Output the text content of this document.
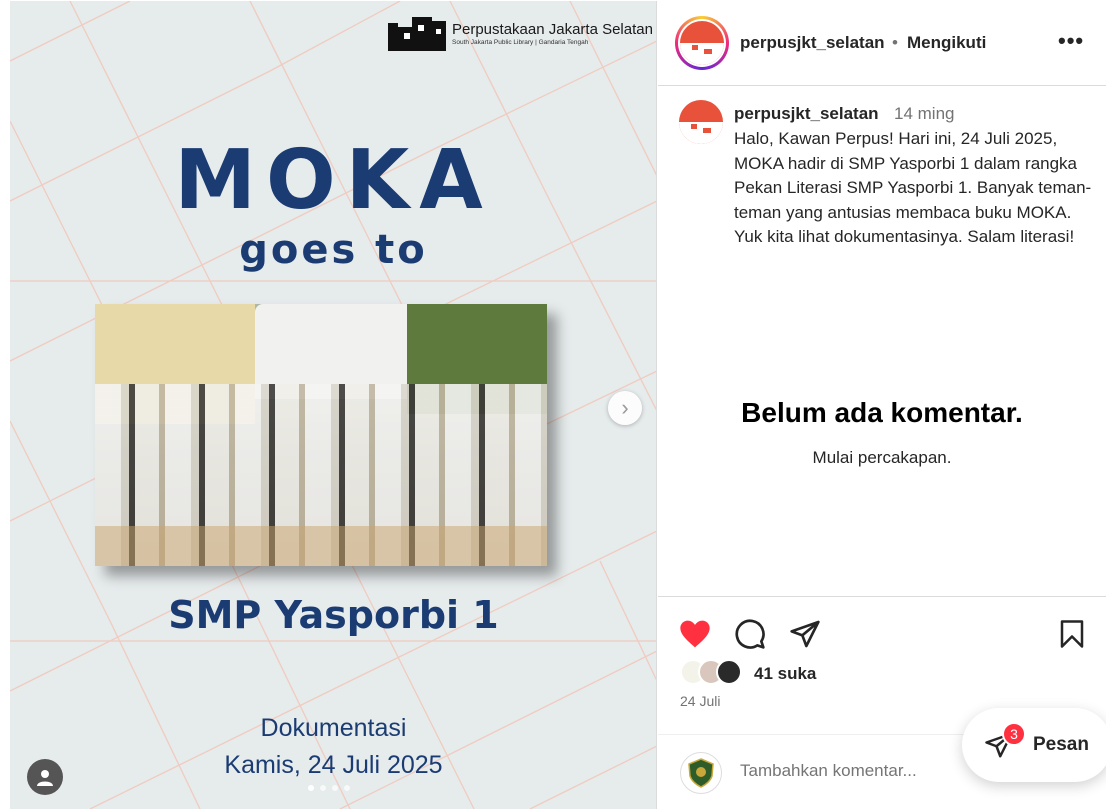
Perpustakaan Jakarta Selatan
South Jakarta Public Library | Gandaria Tengah
MOKA
goes to
›
SMP Yasporbi 1
Dokumentasi
Kamis, 24 Juli 2025
perpusjkt_selatan • Mengikuti	•••
perpusjkt_selatan 14 ming
Halo, Kawan Perpus! Hari ini, 24 Juli 2025, MOKA hadir di SMP Yasporbi 1 dalam rangka Pekan Literasi SMP Yasporbi 1. Banyak teman-teman yang antusias membaca buku MOKA. Yuk kita lihat dokumentasinya. Salam literasi!
Belum ada komentar.
Mulai percakapan.
41 suka
24 Juli
Tambahkan komentar...
3 Pesan
